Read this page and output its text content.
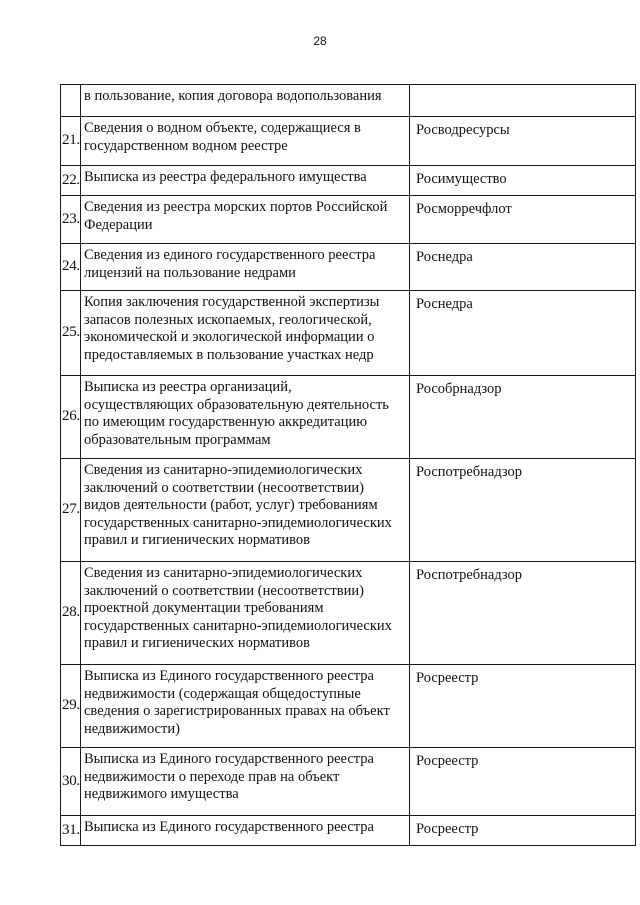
28

	в пользование, копия договора водопользования	

21.	Сведения о водном объекте, содержащиеся в
государственном водном реестре	Росводресурсы
22.	Выписка из реестра федерального имущества	Росимущество
23.	Сведения из реестра морских портов Российской
Федерации	Росморречфлот
24.	Сведения из единого государственного реестра
лицензий на пользование недрами	Роснедра
25.	Копия заключения государственной экспертизы
запасов полезных ископаемых, геологической,
экономической и экологической информации о
предоставляемых в пользование участках недр	Роснедра
26.	Выписка из реестра организаций,
осуществляющих образовательную деятельность
по имеющим государственную аккредитацию
образовательным программам	Рособрнадзор
27.	Сведения из санитарно-эпидемиологических
заключений о соответствии (несоответствии)
видов деятельности (работ, услуг) требованиям
государственных санитарно-эпидемиологических
правил и гигиенических нормативов	Роспотребнадзор
28.	Сведения из санитарно-эпидемиологических
заключений о соответствии (несоответствии)
проектной документации требованиям
государственных санитарно-эпидемиологических
правил и гигиенических нормативов	Роспотребнадзор
29.	Выписка из Единого государственного реестра
недвижимости (содержащая общедоступные
сведения о зарегистрированных правах на объект
недвижимости)	Росреестр
30.	Выписка из Единого государственного реестра
недвижимости о переходе прав на объект
недвижимого имущества	Росреестр
31.	Выписка из Единого государственного реестра	Росреестр
